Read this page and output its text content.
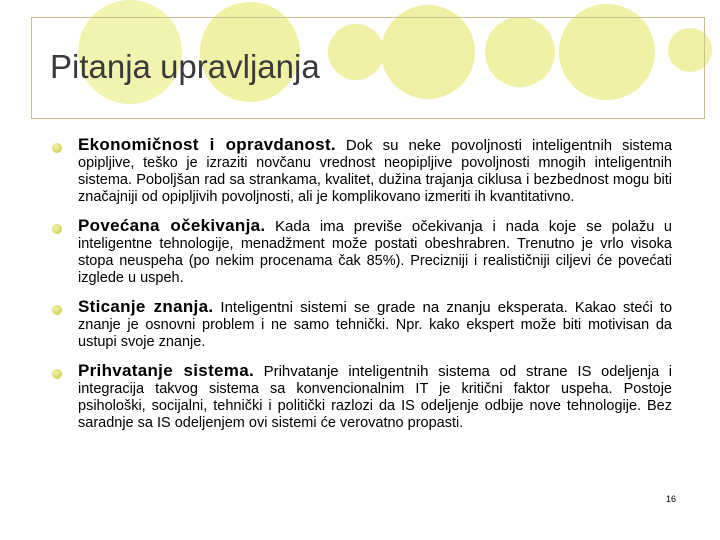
Pitanja upravljanja
Ekonomičnost i opravdanost. Dok su neke povoljnosti inteligentnih sistema opipljive, teško je izraziti novčanu vrednost neopipljive povoljnosti mnogih inteligentnih sistema. Poboljšan rad sa strankama, kvalitet, dužina trajanja ciklusa i bezbednost mogu biti značajniji od opipljivih povoljnosti, ali je komplikovano izmeriti ih kvantitativno.
Povećana očekivanja. Kada ima previše očekivanja i nada koje se polažu u inteligentne tehnologije, menadžment može postati obeshrabren. Trenutno je vrlo visoka stopa neuspeha (po nekim procenama čak 85%). Precizniji i realističniji ciljevi će povećati izglede u uspeh.
Sticanje znanja. Inteligentni sistemi se grade na znanju eksperata. Kakao steći to znanje je osnovni problem i ne samo tehnički. Npr. kako ekspert može biti motivisan da ustupi svoje znanje.
Prihvatanje sistema. Prihvatanje inteligentnih sistema od strane IS odeljenja i integracija takvog sistema sa konvencionalnim IT je kritični faktor uspeha. Postoje psihološki, socijalni, tehnički i politički razlozi da IS odeljenje odbije nove tehnologije. Bez saradnje sa IS odeljenjem ovi sistemi će verovatno propasti.
16
